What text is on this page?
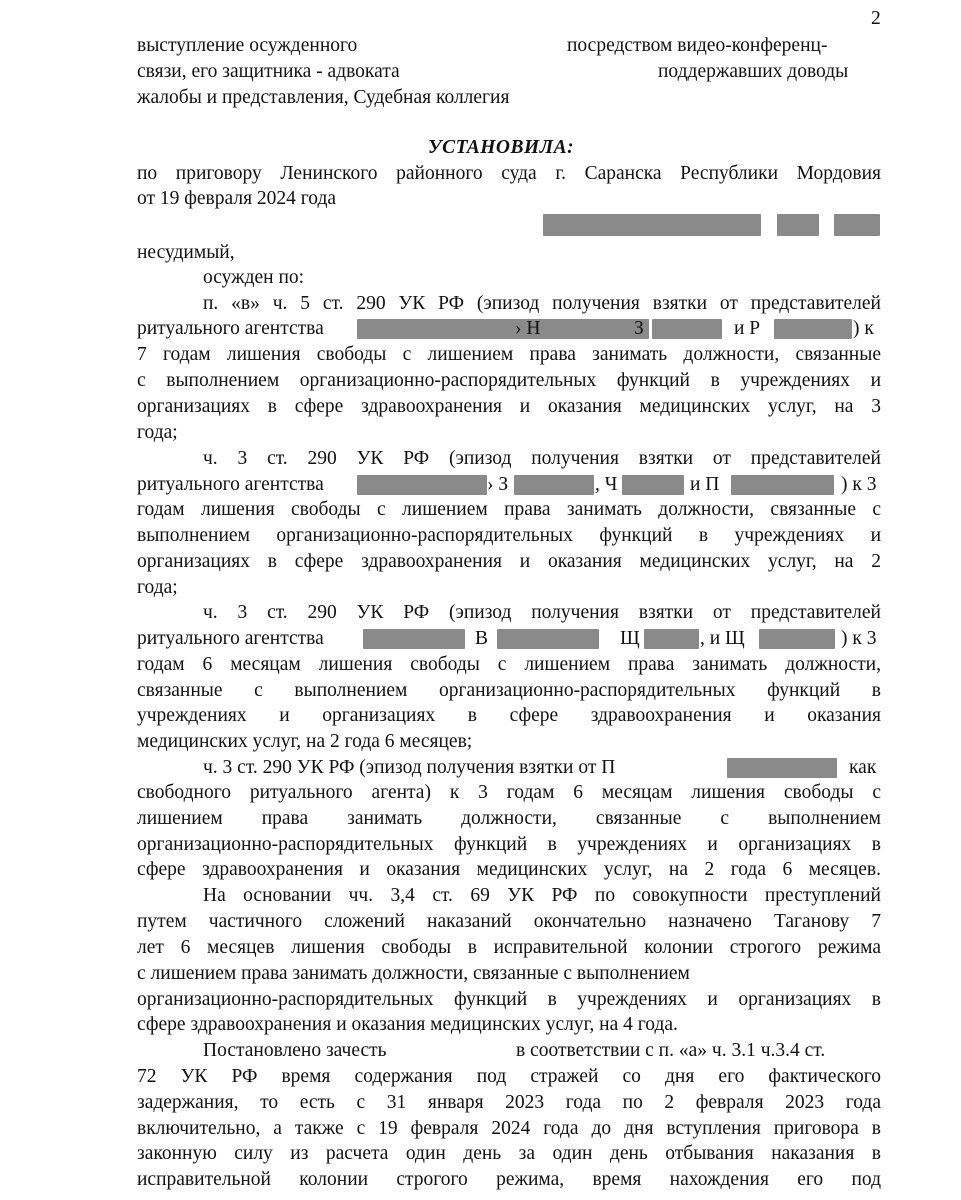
2
выступление осужденного	посредством видео-конференц-
связи, его защитника - адвоката	поддержавших доводы
жалобы и представления, Судебная коллегия
УСТАНОВИЛА:
по приговору Ленинского районного суда г. Саранска Республики Мордовия
от 19 февраля 2024 года
несудимый,
осужден по:
п. «в» ч. 5 ст. 290 УК РФ (эпизод получения взятки от представителей
ритуального агентства	› Н	З	и Р	) к
7 годам лишения свободы с лишением права занимать должности, связанные
с выполнением организационно-распорядительных функций в учреждениях и
организациях в сфере здравоохранения и оказания медицинских услуг, на 3
года;
ч. 3 ст. 290 УК РФ (эпизод получения взятки от представителей
ритуального агентства	› З	, Ч	и П	) к 3
годам лишения свободы с лишением права занимать должности, связанные с
выполнением организационно-распорядительных функций в учреждениях и
организациях в сфере здравоохранения и оказания медицинских услуг, на 2
года;
ч. 3 ст. 290 УК РФ (эпизод получения взятки от представителей
ритуального агентства	В	Щ	, и Щ	) к 3
годам 6 месяцам лишения свободы с лишением права занимать должности,
связанные с выполнением организационно-распорядительных функций в
учреждениях и организациях в сфере здравоохранения и оказания
медицинских услуг, на 2 года 6 месяцев;
ч. 3 ст. 290 УК РФ (эпизод получения взятки от П	как
свободного ритуального агента) к 3 годам 6 месяцам лишения свободы с
лишением права занимать должности, связанные с выполнением
организационно-распорядительных функций в учреждениях и организациях в
сфере здравоохранения и оказания медицинских услуг, на 2 года 6 месяцев.
На основании чч. 3,4 ст. 69 УК РФ по совокупности преступлений
путем частичного сложений наказаний окончательно назначено Таганову 7
лет 6 месяцев лишения свободы в исправительной колонии строгого режима
с лишением права занимать должности, связанные с выполнением
организационно-распорядительных функций в учреждениях и организациях в
сфере здравоохранения и оказания медицинских услуг, на 4 года.
Постановлено зачесть	в соответствии с п. «а» ч. 3.1 ч.3.4 ст.
72 УК РФ время содержания под стражей со дня его фактического
задержания, то есть с 31 января 2023 года по 2 февраля 2023 года
включительно, а также с 19 февраля 2024 года до дня вступления приговора в
законную силу из расчета один день за один день отбывания наказания в
исправительной колонии строгого режима, время нахождения его под
